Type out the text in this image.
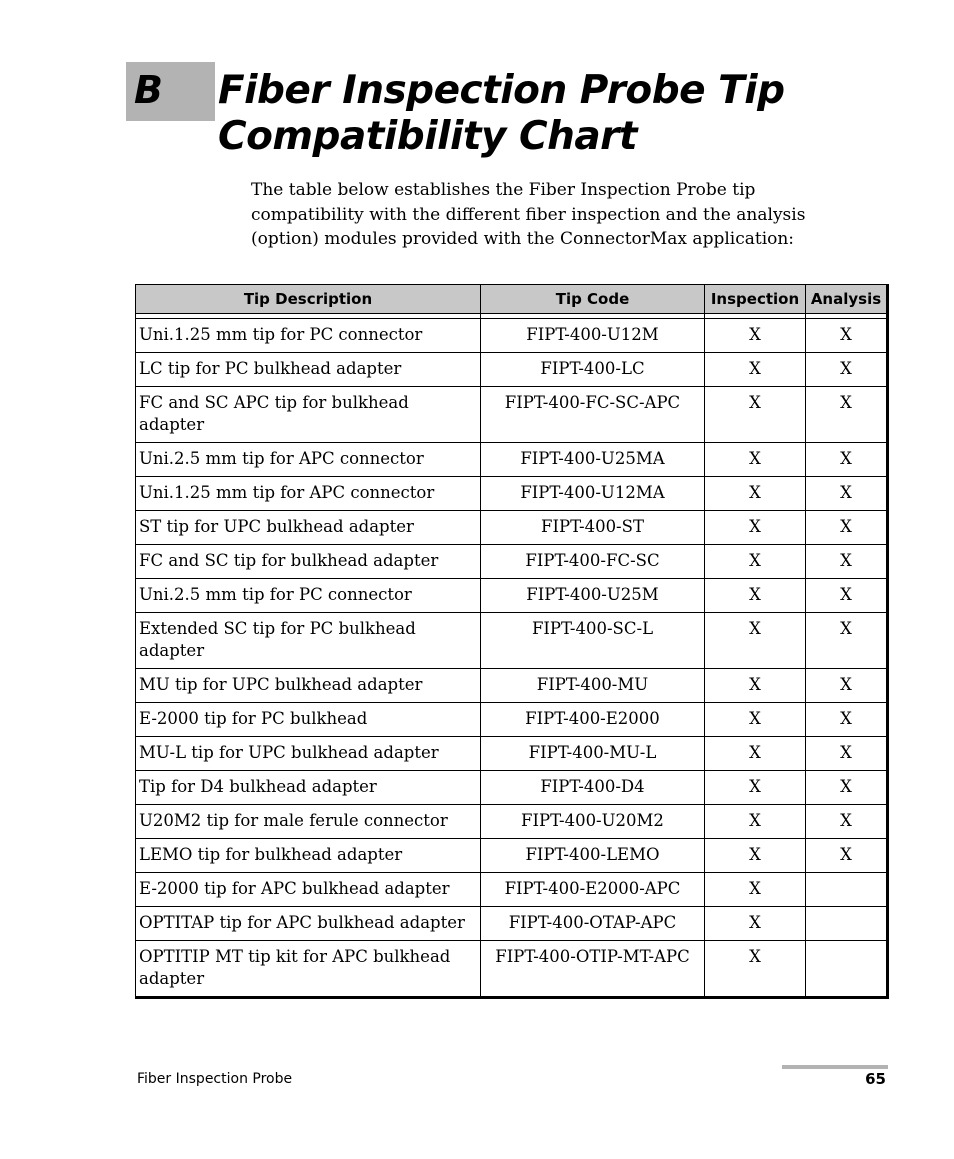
B Fiber Inspection Probe Tip Compatibility Chart

The table below establishes the Fiber Inspection Probe tip compatibility with the different fiber inspection and the analysis (option) modules provided with the ConnectorMax application:

Tip Description	Tip Code	Inspection	Analysis

Uni.1.25 mm tip for PC connector	FIPT-400-U12M	X	X
LC tip for PC bulkhead adapter	FIPT-400-LC	X	X
FC and SC APC tip for bulkhead adapter	FIPT-400-FC-SC-APC	X	X
Uni.2.5 mm tip for APC connector	FIPT-400-U25MA	X	X
Uni.1.25 mm tip for APC connector	FIPT-400-U12MA	X	X
ST tip for UPC bulkhead adapter	FIPT-400-ST	X	X
FC and SC tip for bulkhead adapter	FIPT-400-FC-SC	X	X
Uni.2.5 mm tip for PC connector	FIPT-400-U25M	X	X
Extended SC tip for PC bulkhead adapter	FIPT-400-SC-L	X	X
MU tip for UPC bulkhead adapter	FIPT-400-MU	X	X
E-2000 tip for PC bulkhead	FIPT-400-E2000	X	X
MU-L tip for UPC bulkhead adapter	FIPT-400-MU-L	X	X
Tip for D4 bulkhead adapter	FIPT-400-D4	X	X
U20M2 tip for male ferule connector	FIPT-400-U20M2	X	X
LEMO tip for bulkhead adapter	FIPT-400-LEMO	X	X
E-2000 tip for APC bulkhead adapter	FIPT-400-E2000-APC	X	
OPTITAP tip for APC bulkhead adapter	FIPT-400-OTAP-APC	X	
OPTITIP MT tip kit for APC bulkhead adapter	FIPT-400-OTIP-MT-APC	X	
Fiber Inspection Probe	65
